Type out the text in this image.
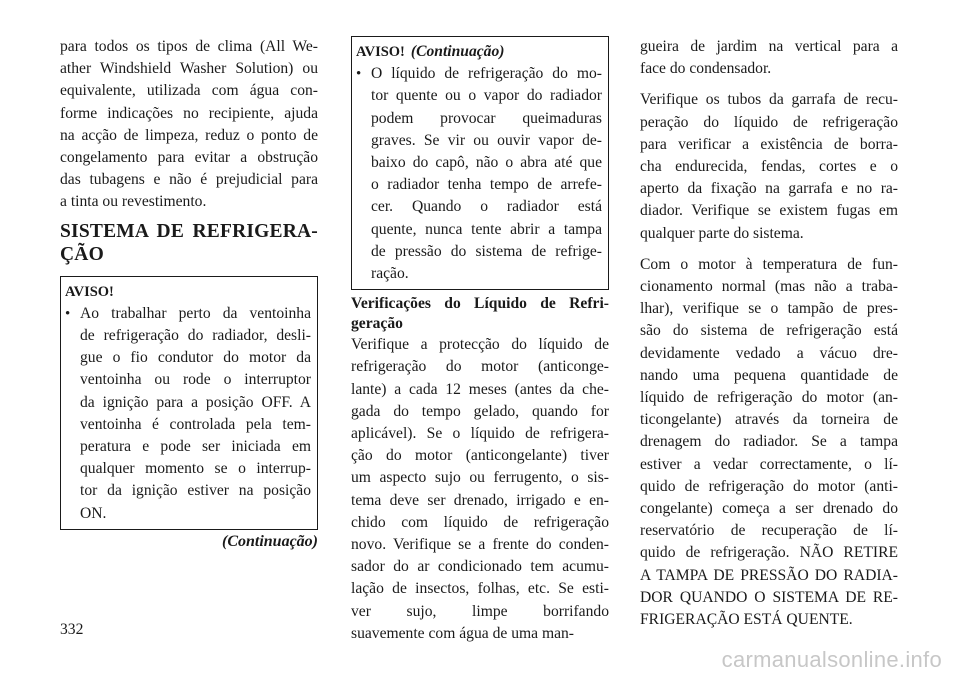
para todos os tipos de clima (All We-
ather Windshield Washer Solution) ou
equivalente, utilizada com água con-
forme indicações no recipiente, ajuda
na acção de limpeza, reduz o ponto de
congelamento para evitar a obstrução
das tubagens e não é prejudicial para
a tinta ou revestimento.

SISTEMA DE REFRIGERA-
ÇÃO
AVISO!
• Ao trabalhar perto da ventoinha
de refrigeração do radiador, desli-
gue o fio condutor do motor da
ventoinha ou rode o interruptor
da ignição para a posição OFF. A
ventoinha é controlada pela tem-
peratura e pode ser iniciada em
qualquer momento se o interrup-
tor da ignição estiver na posição
ON.
(Continuação)
AVISO! (Continuação)
• O líquido de refrigeração do mo-
tor quente ou o vapor do radiador
podem provocar queimaduras
graves. Se vir ou ouvir vapor de-
baixo do capô, não o abra até que
o radiador tenha tempo de arrefe-
cer. Quando o radiador está
quente, nunca tente abrir a tampa
de pressão do sistema de refrige-
ração.
Verificações do Líquido de Refri-
geração

Verifique a protecção do líquido de
refrigeração do motor (anticonge-
lante) a cada 12 meses (antes da che-
gada do tempo gelado, quando for
aplicável). Se o líquido de refrigera-
ção do motor (anticongelante) tiver
um aspecto sujo ou ferrugento, o sis-
tema deve ser drenado, irrigado e en-
chido com líquido de refrigeração
novo. Verifique se a frente do conden-
sador do ar condicionado tem acumu-
lação de insectos, folhas, etc. Se esti-
ver sujo, limpe borrifando
suavemente com água de uma man-

gueira de jardim na vertical para a
face do condensador.

Verifique os tubos da garrafa de recu-
peração do líquido de refrigeração
para verificar a existência de borra-
cha endurecida, fendas, cortes e o
aperto da fixação na garrafa e no ra-
diador. Verifique se existem fugas em
qualquer parte do sistema.

Com o motor à temperatura de fun-
cionamento normal (mas não a traba-
lhar), verifique se o tampão de pres-
são do sistema de refrigeração está
devidamente vedado a vácuo dre-
nando uma pequena quantidade de
líquido de refrigeração do motor (an-
ticongelante) através da torneira de
drenagem do radiador. Se a tampa
estiver a vedar correctamente, o lí-
quido de refrigeração do motor (anti-
congelante) começa a ser drenado do
reservatório de recuperação de lí-
quido de refrigeração. NÃO RETIRE
A TAMPA DE PRESSÃO DO RADIA-
DOR QUANDO O SISTEMA DE RE-
FRIGERAÇÃO ESTÁ QUENTE.

332
carmanualsonline.info
